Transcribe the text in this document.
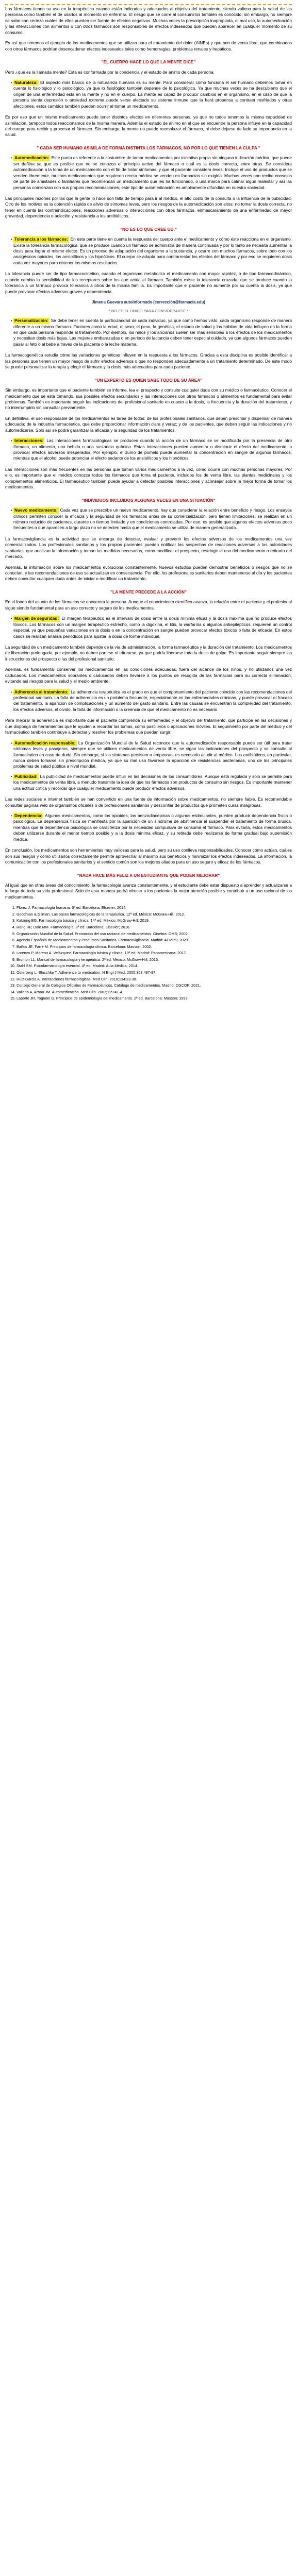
Los fármacos tienen su uso en la terapéutica cuando están indicados y adecuados al objetivo del tratamiento, siendo valioso para la salud de las personas como también el de usarlos al momento de enfermar. El riesgo que se corre al consumirlos también es conocido; sin embargo, no siempre se sabe con certeza cuáles de ellos pueden ser fuente de efectos negativos. Muchas veces la prescripción inapropiada, el mal uso, la automedicación y las interacciones con alimentos o con otros fármacos son responsables de efectos indeseados que pueden aparecer en cualquier momento de su consumo.

Es así que tenemos el ejemplo de los medicamentos que se utilizan para el tratamiento del dolor (AINEs) y que son de venta libre, que combinados con otros fármacos podrían desencadenar efectos indeseados tales como hemorragias, problemas renales y hepáticos.

"EL CUERPO HACE LO QUE LA MENTE DICE"

Pero ¿qué es la llamada mente? Esta es conformada por la conciencia y el estado de ánimo de cada persona.

• Naturaleza: El aspecto más básico de la naturaleza humana es su mente. Para considerar cómo funciona el ser humano debemos tomar en cuenta lo fisiológico y lo psicológico, ya que lo fisiológico también depende de lo psicológico. Ya que muchas veces se ha descubierto que el origen de una enfermedad está en la mente y no en el cuerpo. La mente es capaz de producir cambios en el organismo, en el caso de que la persona sienta depresión o ansiedad extrema puede verse afectado su sistema inmune que la hará propensa a contraer resfriados y otras afecciones, estos cambios también pueden ocurrir al tomar un medicamento.

Es por eso que un mismo medicamento puede tener distintos efectos en diferentes personas, ya que no todos tenemos la misma capacidad de asimilación, tampoco todos reaccionamos de la misma manera. Además el estado de ánimo en el que se encuentre la persona influye en la capacidad del cuerpo para recibir y procesar el fármaco. Sin embargo, la mente no puede reemplazar el fármaco, ni debe dejarse de lado su importancia en la salud.

" CADA SER HUMANO ASIMILA DE FORMA DISTINTA LOS FÁRMACOS, NO POR LO QUE TIENEN LA CULPA "
• Automedicación: Este punto es referente a la costumbre de tomar medicamentos por iniciativa propia sin ninguna indicación médica, que puede ser dañina ya que es posible que no se conozca el principio activo del fármaco o cuál es la dosis correcta, entre otras. Se considera automedicación a la toma de un medicamento con el fin de tratar síntomas, y que el paciente considera leves. Incluye el uso de productos que se venden libremente, muchos medicamentos que requieren receta médica se venden en farmacias sin exigirla. Muchas veces uno recibe consejos de parte de amistades o familiares que recomiendan un medicamento que les ha funcionado, o una marca para calmar algún malestar y así las personas comienzan con sus propias recomendaciones; este tipo de automedicación es ampliamente difundida en nuestra sociedad.

Las principales razones por las que la gente lo hace son falta de tiempo para ir al médico, el alto costo de la consulta o la influencia de la publicidad. Otro de los motivos es la obtención rápida de alivio de síntomas leves, pero los riesgos de la automedicación son altos: no tomar la dosis correcta, no tener en cuenta las contraindicaciones, reacciones adversas o interacciones con otros fármacos, enmascaramiento de una enfermedad de mayor gravedad, dependencia o adicción y resistencia a los antibióticos.

"NO ES LO QUE CREE UD."
• Tolerancia a los fármacos: En esta parte tiene en cuenta la respuesta del cuerpo ante el medicamento y cómo éste reacciona en el organismo. Existe la tolerancia farmacológica, que se produce cuando un fármaco se administra de manera continuada y por lo tanto se necesita aumentar la dosis para lograr el mismo efecto. Es un proceso de adaptación del organismo a la sustancia, y ocurre con muchos fármacos, sobre todo con los analgésicos opioides, los ansiolíticos y los hipnóticos. El cuerpo se adapta para contrarrestar los efectos del fármaco y por eso se requieren dosis cada vez mayores para obtener los mismos resultados.

La tolerancia puede ser de tipo farmacocinético, cuando el organismo metaboliza el medicamento con mayor rapidez, o de tipo farmacodinámico, cuando cambia la sensibilidad de los receptores sobre los que actúa el fármaco. También existe la tolerancia cruzada, que se produce cuando la tolerancia a un fármaco provoca tolerancia a otros de la misma familia. Es importante que el paciente no aumente por su cuenta la dosis, ya que puede provocar efectos adversos graves y dependencia.

Jimena Guevara autoinformado (corrección@farmacia.edu)
* NO ES EL ÚNICO PARA CONSIDERARSE *
• Personalización: Se debe tener en cuenta la particularidad de cada individuo, ya que como hemos visto, cada organismo responde de manera diferente a un mismo fármaco. Factores como la edad, el sexo, el peso, la genética, el estado de salud y los hábitos de vida influyen en la forma en que cada persona responde al tratamiento. Por ejemplo, los niños y los ancianos suelen ser más sensibles a los efectos de los medicamentos y necesitan dosis más bajas. Las mujeres embarazadas o en periodo de lactancia deben tener especial cuidado, ya que algunos fármacos pueden pasar al feto o al bebé a través de la placenta o la leche materna.

La farmacogenética estudia cómo las variaciones genéticas influyen en la respuesta a los fármacos. Gracias a esta disciplina es posible identificar a las personas que tienen un mayor riesgo de sufrir efectos adversos o que no responden adecuadamente a un tratamiento determinado. De este modo se puede personalizar la terapia y elegir el fármaco y la dosis más adecuados para cada paciente.

"UN EXPERTO ES QUIEN SABE TODO DE SU ÁREA"

Sin embargo, es importante que el paciente también se informe, lea el prospecto y consulte cualquier duda con su médico o farmacéutico. Conocer el medicamento que se está tomando, sus posibles efectos secundarios y las interacciones con otros fármacos o alimentos es fundamental para evitar problemas. También es importante seguir las indicaciones del profesional sanitario en cuanto a la dosis, la frecuencia y la duración del tratamiento, y no interrumpirlo sin consultar previamente.

En definitiva, el uso responsable de los medicamentos es tarea de todos: de los profesionales sanitarios, que deben prescribir y dispensar de manera adecuada; de la industria farmacéutica, que debe proporcionar información clara y veraz; y de los pacientes, que deben seguir las indicaciones y no automedicarse. Solo así se podrá garantizar la eficacia y la seguridad de los tratamientos.

• Interacciones: Las interacciones farmacológicas se producen cuando la acción de un fármaco se ve modificada por la presencia de otro fármaco, un alimento, una bebida o una sustancia química. Estas interacciones pueden aumentar o disminuir el efecto del medicamento, o provocar efectos adversos inesperados. Por ejemplo, el zumo de pomelo puede aumentar la concentración en sangre de algunos fármacos, mientras que el alcohol puede potenciar el efecto sedante de los ansiolíticos y los hipnóticos.

Las interacciones son más frecuentes en las personas que toman varios medicamentos a la vez, como ocurre con muchas personas mayores. Por ello, es importante que el médico conozca todos los fármacos que toma el paciente, incluidos los de venta libre, las plantas medicinales y los complementos alimenticios. El farmacéutico también puede ayudar a detectar posibles interacciones y aconsejar sobre la mejor forma de tomar los medicamentos.

"INDIVIDUOS INCLUIDOS ALGUNAS VECES EN UNA SITUACIÓN"
• Nuevo medicamento: Cada vez que se prescribe un nuevo medicamento, hay que considerar la relación entre beneficio y riesgo. Los ensayos clínicos permiten conocer la eficacia y la seguridad de los fármacos antes de su comercialización, pero tienen limitaciones: se realizan en un número reducido de pacientes, durante un tiempo limitado y en condiciones controladas. Por eso, es posible que algunos efectos adversos poco frecuentes o que aparecen a largo plazo no se detecten hasta que el medicamento se utiliza de manera generalizada.

La farmacovigilancia es la actividad que se encarga de detectar, evaluar y prevenir los efectos adversos de los medicamentos una vez comercializados. Los profesionales sanitarios y los propios pacientes pueden notificar las sospechas de reacciones adversas a las autoridades sanitarias, que analizan la información y toman las medidas necesarias, como modificar el prospecto, restringir el uso del medicamento o retirarlo del mercado.

Además, la información sobre los medicamentos evoluciona constantemente. Nuevos estudios pueden demostrar beneficios o riesgos que no se conocían, y las recomendaciones de uso se actualizan en consecuencia. Por ello, los profesionales sanitarios deben mantenerse al día y los pacientes deben consultar cualquier duda antes de iniciar o modificar un tratamiento.

"LA MENTE PRECEDE A LA ACCIÓN"

En el fondo del asunto de los fármacos se encuentra la persona. Aunque el conocimiento científico avanza, la relación entre el paciente y el profesional sigue siendo fundamental para un uso correcto y seguro de los medicamentos.

• Margen de seguridad: El margen terapéutico es el intervalo de dosis entre la dosis mínima eficaz y la dosis máxima que no produce efectos tóxicos. Los fármacos con un margen terapéutico estrecho, como la digoxina, el litio, la warfarina o algunos antiepilépticos, requieren un control especial, ya que pequeñas variaciones en la dosis o en la concentración en sangre pueden provocar efectos tóxicos o falta de eficacia. En estos casos se realizan análisis periódicos para ajustar la dosis de forma individual.

La seguridad de un medicamento también depende de la vía de administración, la forma farmacéutica y la duración del tratamiento. Los medicamentos de liberación prolongada, por ejemplo, no deben partirse ni triturarse, ya que podría liberarse toda la dosis de golpe. Es importante seguir siempre las instrucciones del prospecto o las del profesional sanitario.

Además, es fundamental conservar los medicamentos en las condiciones adecuadas, fuera del alcance de los niños, y no utilizarlos una vez caducados. Los medicamentos sobrantes o caducados deben llevarse a los puntos de recogida de las farmacias para su correcta eliminación, evitando así riesgos para la salud y el medio ambiente.

• Adherencia al tratamiento: La adherencia terapéutica es el grado en que el comportamiento del paciente coincide con las recomendaciones del profesional sanitario. La falta de adherencia es un problema frecuente, especialmente en las enfermedades crónicas, y puede provocar el fracaso del tratamiento, la aparición de complicaciones y un aumento del gasto sanitario. Entre las causas se encuentran la complejidad del tratamiento, los efectos adversos, el olvido, la falta de información o la creencia de que el medicamento no es necesario.

Para mejorar la adherencia es importante que el paciente comprenda su enfermedad y el objetivo del tratamiento, que participe en las decisiones y que disponga de herramientas que le ayuden a recordar las tomas, como pastilleros o aplicaciones móviles. El seguimiento por parte del médico y del farmacéutico también contribuye a detectar y resolver los problemas que puedan surgir.

• Automedicación responsable: La Organización Mundial de la Salud reconoce que la automedicación responsable puede ser útil para tratar síntomas leves y pasajeros, siempre que se utilicen medicamentos de venta libre, se sigan las indicaciones del prospecto y se consulte al farmacéutico en caso de duda. Sin embargo, si los síntomas persisten o empeoran, es necesario acudir al médico. Los antibióticos, en particular, nunca deben tomarse sin prescripción médica, ya que su mal uso favorece la aparición de resistencias bacterianas, uno de los principales problemas de salud pública a nivel mundial.
• Publicidad: La publicidad de medicamentos puede influir en las decisiones de los consumidores. Aunque está regulada y solo se permite para los medicamentos de venta libre, a menudo transmite la idea de que los fármacos son productos de consumo sin riesgos. Es importante mantener una actitud crítica y recordar que cualquier medicamento puede producir efectos adversos.

Las redes sociales e internet también se han convertido en una fuente de información sobre medicamentos, no siempre fiable. Es recomendable consultar páginas web de organismos oficiales o de profesionales sanitarios y desconfiar de productos que prometen curas milagrosas.

• Dependencia: Algunos medicamentos, como los opioides, las benzodiacepinas o algunos estimulantes, pueden producir dependencia física o psicológica. La dependencia física se manifiesta por la aparición de un síndrome de abstinencia al suspender el tratamiento de forma brusca, mientras que la dependencia psicológica se caracteriza por la necesidad compulsiva de consumir el fármaco. Para evitarla, estos medicamentos deben utilizarse durante el menor tiempo posible y a la dosis mínima eficaz, y su retirada debe realizarse de forma gradual bajo supervisión médica.

En conclusión, los medicamentos son herramientas muy valiosas para la salud, pero su uso conlleva responsabilidades. Conocer cómo actúan, cuáles son sus riesgos y cómo utilizarlos correctamente permite aprovechar al máximo sus beneficios y minimizar los efectos indeseados. La información, la comunicación con los profesionales sanitarios y el sentido común son los mejores aliados para un uso seguro y eficaz de los fármacos.

"NADA HACE MÁS FELIZ A UN ESTUDIANTE QUE PODER MEJORAR"

Al igual que en otras áreas del conocimiento, la farmacología avanza constantemente, y el estudiante debe estar dispuesto a aprender y actualizarse a lo largo de toda su vida profesional. Solo de esta manera podrá ofrecer a los pacientes la mejor atención posible y contribuir a un uso racional de los medicamentos.

1. Flórez J. Farmacología humana. 6ª ed. Barcelona: Elsevier; 2014.
2. Goodman & Gilman. Las bases farmacológicas de la terapéutica. 12ª ed. México: McGraw-Hill; 2012.
3. Katzung BG. Farmacología básica y clínica. 14ª ed. México: McGraw-Hill; 2019.
4. Rang HP, Dale MM. Farmacología. 8ª ed. Barcelona: Elsevier; 2016.
5. Organización Mundial de la Salud. Promoción del uso racional de medicamentos. Ginebra: OMS; 2002.
6. Agencia Española de Medicamentos y Productos Sanitarios. Farmacovigilancia. Madrid: AEMPS; 2020.
7. Baños JE, Farré M. Principios de farmacología clínica. Barcelona: Masson; 2002.
8. Lorenzo P, Moreno A. Velázquez. Farmacología básica y clínica. 19ª ed. Madrid: Panamericana; 2017.
9. Brunton LL. Manual de farmacología y terapéutica. 2ª ed. México: McGraw-Hill; 2015.
10. Stahl SM. Psicofarmacología esencial. 4ª ed. Madrid: Aula Médica; 2014.
11. Osterberg L, Blaschke T. Adherence to medication. N Engl J Med. 2005;353:487-97.
12. Ruiz-Garcia A. Interacciones farmacológicas. Med Clin. 2010;134:23-30.
13. Consejo General de Colegios Oficiales de Farmacéuticos. Catálogo de medicamentos. Madrid: CGCOF; 2021.
14. Vallano A, Arnau JM. Automedicación. Med Clin. 2007;129:41-4.
15. Laporte JR, Tognoni G. Principios de epidemiología del medicamento. 2ª ed. Barcelona: Masson; 1993.
